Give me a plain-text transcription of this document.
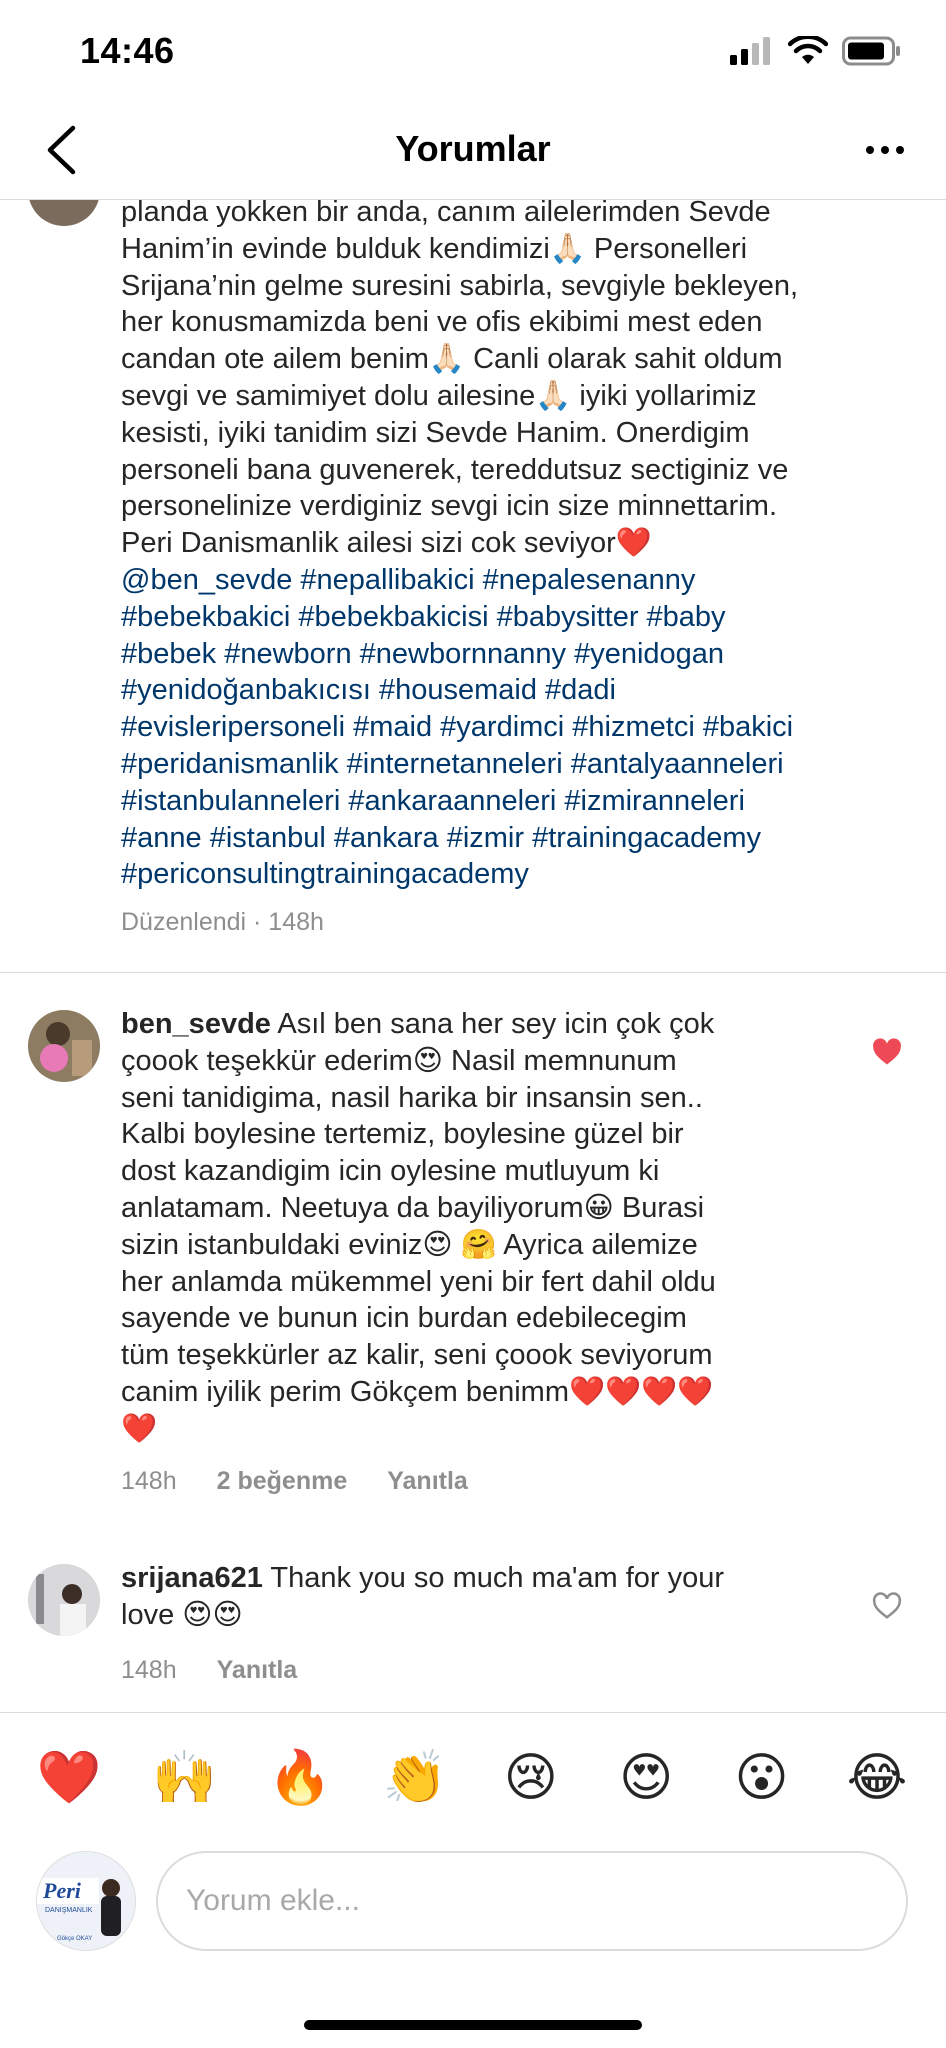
14:46
Yorumlar
planda yokken bir anda, canım ailelerimden Sevde
Hanim’in evinde bulduk kendimizi🙏🏻 Personelleri
Srijana’nin gelme suresini sabirla, sevgiyle bekleyen,
her konusmamizda beni ve ofis ekibimi mest eden
candan ote ailem benim🙏🏻 Canli olarak sahit oldum
sevgi ve samimiyet dolu ailesine🙏🏻 iyiki yollarimiz
kesisti, iyiki tanidim sizi Sevde Hanim. Onerdigim
personeli bana guvenerek, tereddutsuz sectiginiz ve
personelinize verdiginiz sevgi icin size minnettarim.
Peri Danismanlik ailesi sizi cok seviyor❤️
@ben_sevde #nepallibakici #nepalesenanny
#bebekbakici #bebekbakicisi #babysitter #baby
#bebek #newborn #newbornnanny #yenidogan
#yenidoğanbakıcısı #housemaid #dadi
#evisleripersoneli #maid #yardimci #hizmetci #bakici
#peridanismanlik #internetanneleri #antalyaanneleri
#istanbulanneleri #ankaraanneleri #izmiranneleri
#anne #istanbul #ankara #izmir #trainingacademy
#periconsultingtrainingacademy
Düzenlendi · 148h
ben_sevde Asıl ben sana her sey icin çok çok
çoook teşekkür ederim😍 Nasil memnunum
seni tanidigima, nasil harika bir insansin sen..
Kalbi boylesine tertemiz, boylesine güzel bir
dost kazandigim icin oylesine mutluyum ki
anlatamam. Neetuya da bayiliyorum😀 Burasi
sizin istanbuldaki eviniz😍 🤗 Ayrica ailemize
her anlamda mükemmel yeni bir fert dahil oldu
sayende ve bunun icin burdan edebilecegim
tüm teşekkürler az kalir, seni çoook seviyorum
canim iyilik perim Gökçem benimm❤️❤️❤️❤️
❤️
148h 2 beğenme Yanıtla
srijana621 Thank you so much ma'am for your
love 😍😍
148h Yanıtla
❤️ 🙌 🔥 👏 😢 😍 😮 😂
Peri
DANIŞMANLIK
Gökçe OKAY
Yorum ekle...
